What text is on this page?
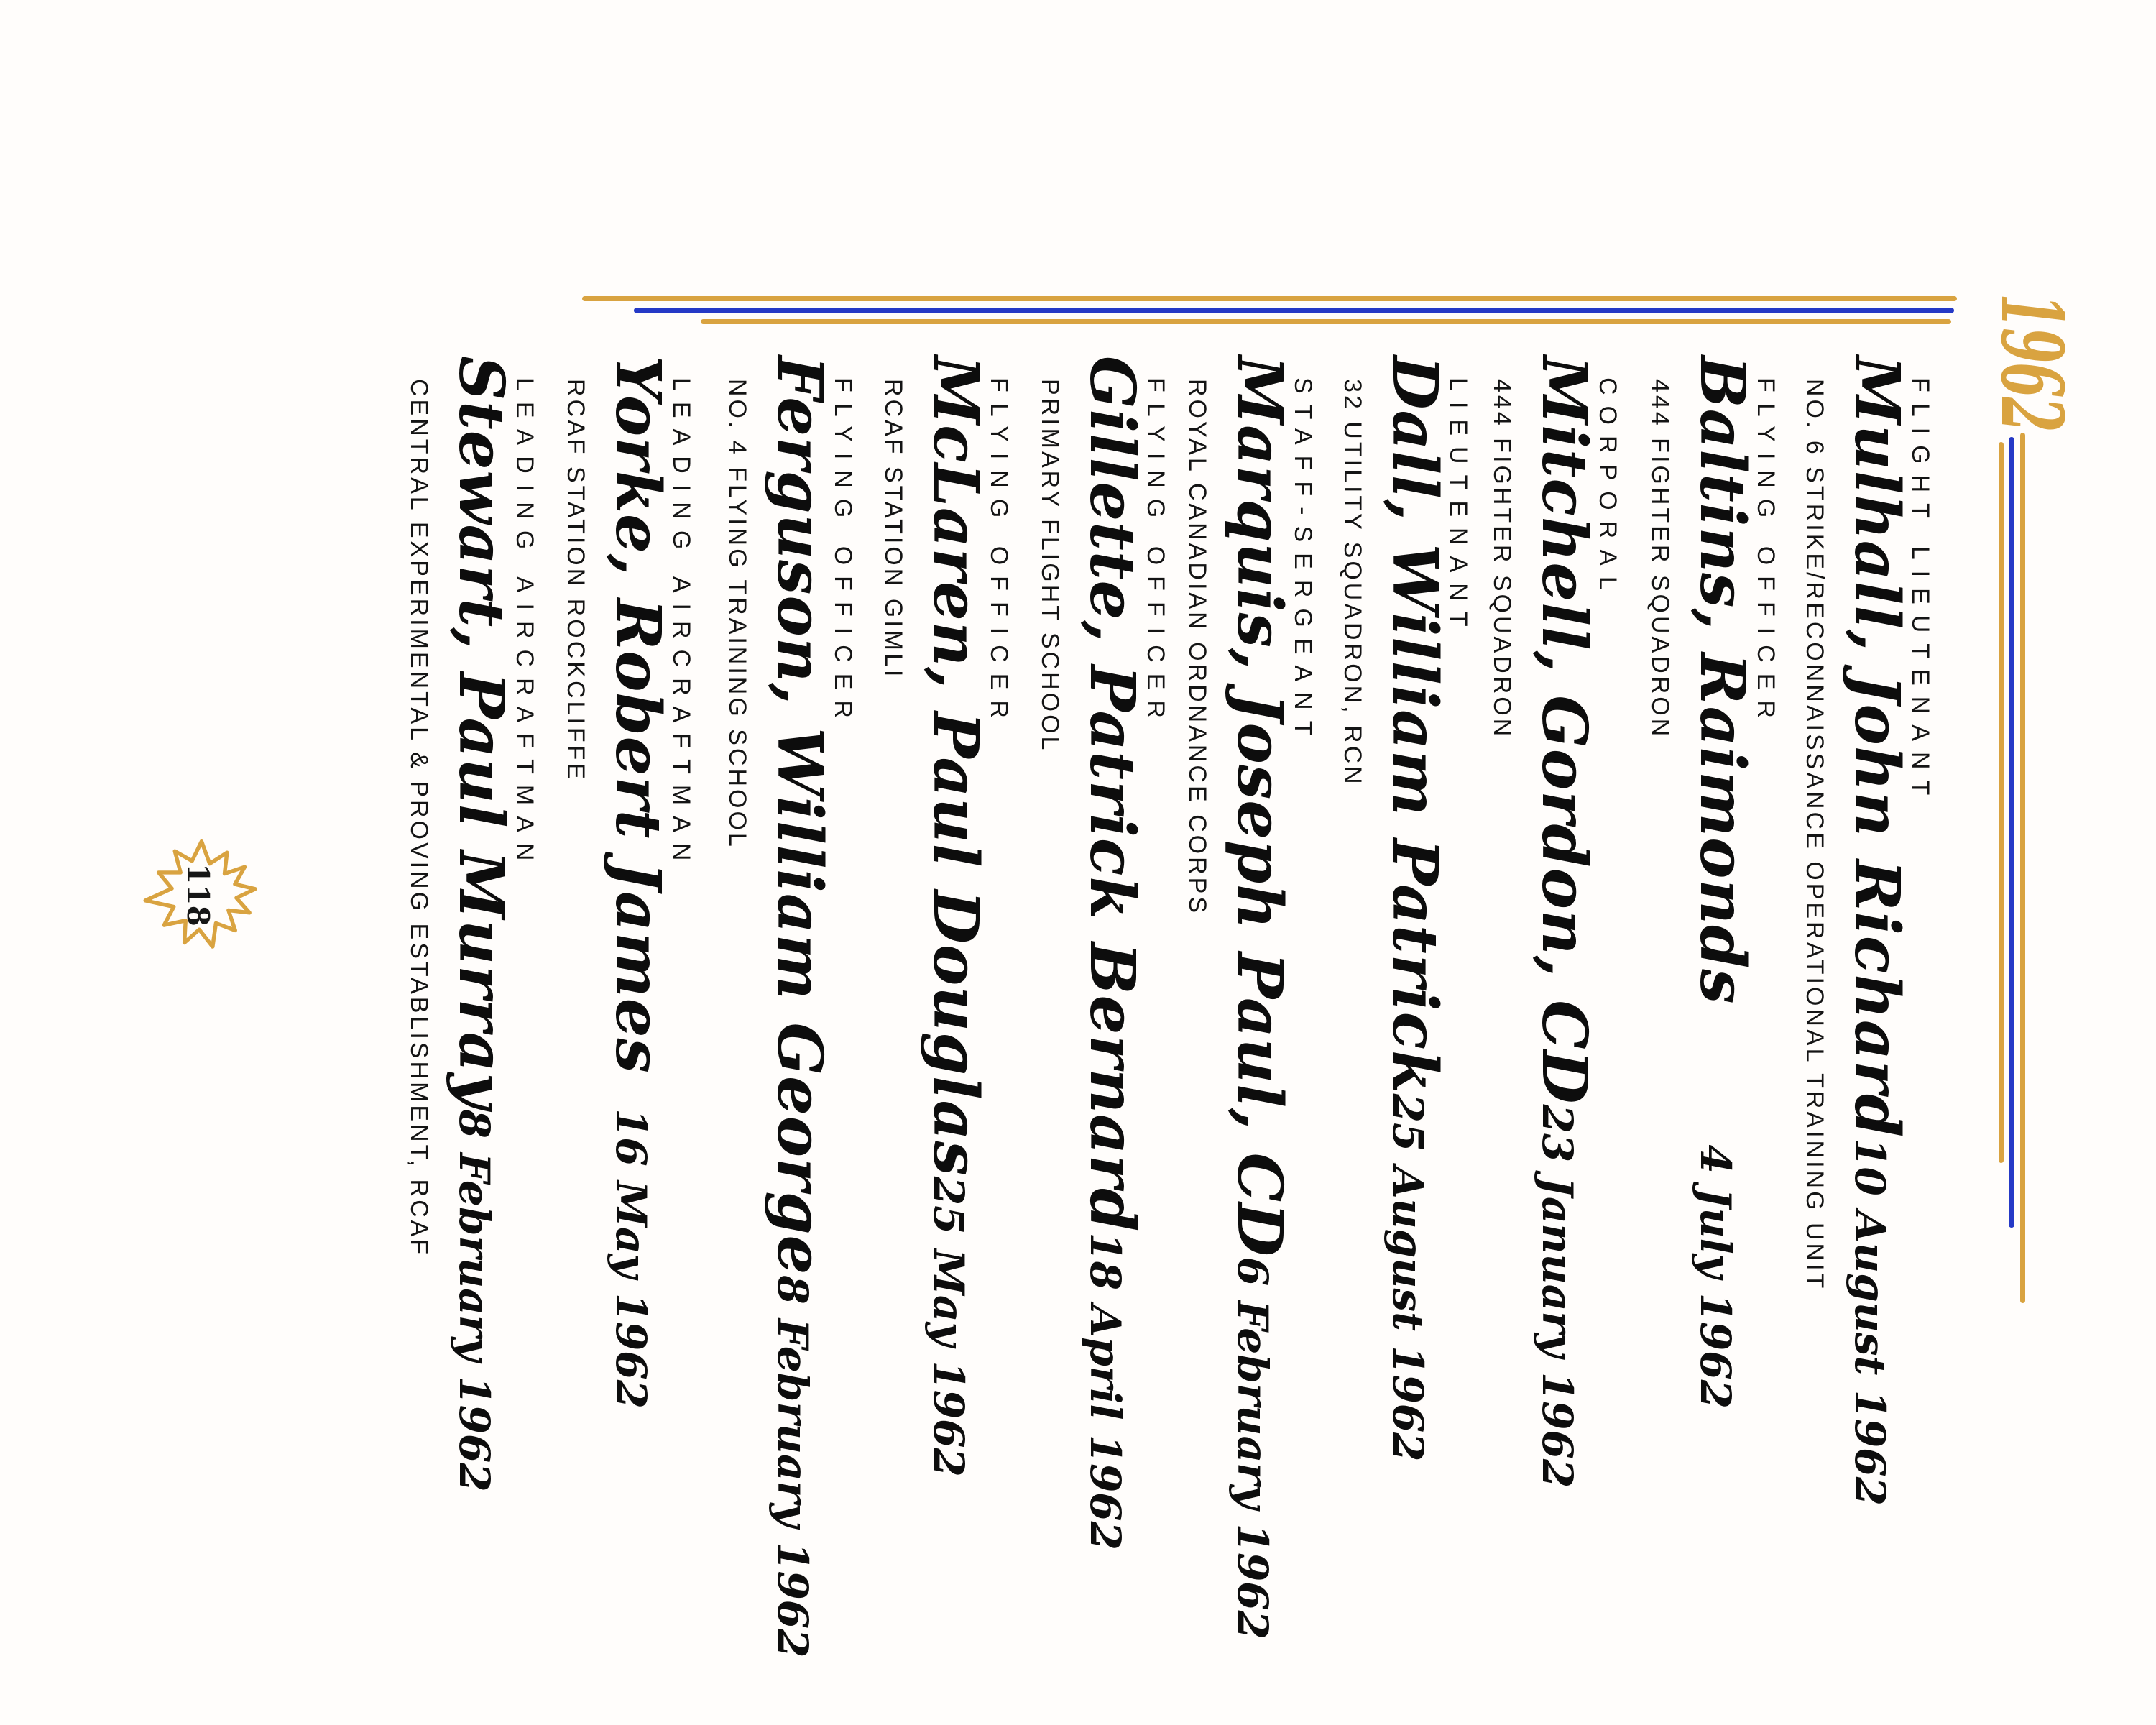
1962
FLIGHT LIEUTENANT
Mulhall, John Richard
10 August 1962
NO. 6 STRIKE/RECONNAISSANCE OPERATIONAL TRAINING UNIT
FLYING OFFICER
Baltins, Raimonds
4 July 1962
444 FIGHTER SQUADRON
CORPORAL
Mitchell, Gordon, CD
23 January 1962
444 FIGHTER SQUADRON
LIEUTENANT
Dall, William Patrick
25 August 1962
32 UTILITY SQUADRON, RCN
STAFF-SERGEANT
Marquis, Joseph Paul, CD
6 February 1962
ROYAL CANADIAN ORDNANCE CORPS
FLYING OFFICER
Gillette, Patrick Bernard
18 April 1962
PRIMARY FLIGHT SCHOOL
FLYING OFFICER
McLaren, Paul Douglas
25 May 1962
RCAF STATION GIMLI
FLYING OFFICER
Ferguson, William George
8 February 1962
NO. 4 FLYING TRAINING SCHOOL
LEADING AIRCRAFTMAN
Yorke, Robert James
16 May 1962
RCAF STATION ROCKCLIFFE
LEADING AIRCRAFTMAN
Stewart, Paul Murray
8 February 1962
CENTRAL EXPERIMENTAL & PROVING ESTABLISHMENT, RCAF
118
